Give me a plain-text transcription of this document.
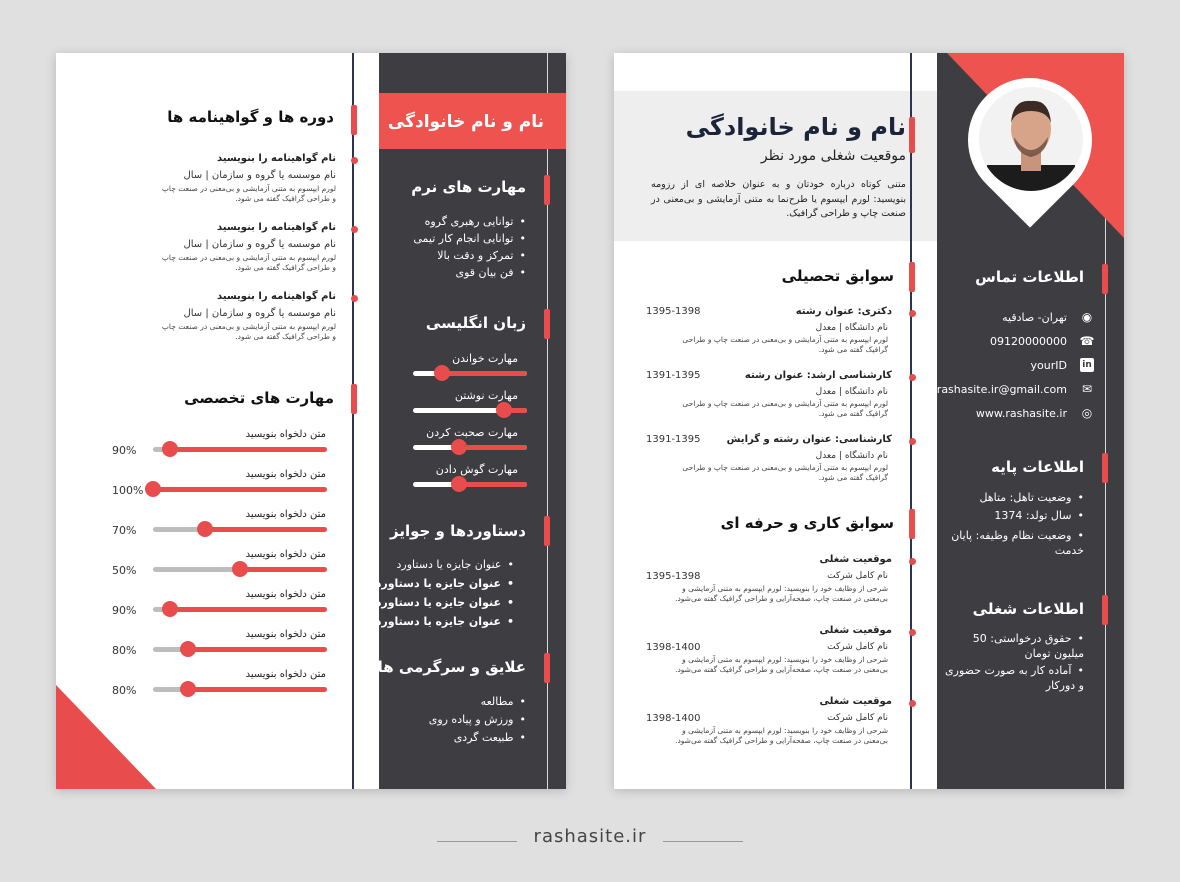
نام و نام خانوادگی
مهارت های نرم
• توانایی رهبری گروه
• توانایی انجام کار تیمی
• تمرکز و دقت بالا
• فن بیان قوی
زبان انگلیسی
مهارت خواندن
مهارت نوشتن
مهارت صحبت کردن
مهارت گوش دادن
دستاوردها و جوایز
• عنوان جایزه یا دستاورد
• عنوان جایزه یا دستاورد
• عنوان جایزه یا دستاورد
• عنوان جایزه یا دستاورد
علایق و سرگرمی ها
• مطالعه
• ورزش و پیاده روی
• طبیعت گردی
دوره ها و گواهینامه ها
نام گواهینامه را بنویسید
نام موسسه یا گروه و سازمان | سال
لورم ایپسوم به متنی آزمایشی و بی‌معنی در صنعت چاپ و طراحی گرافیک گفته می شود.
نام گواهینامه را بنویسید
نام موسسه یا گروه و سازمان | سال
لورم ایپسوم به متنی آزمایشی و بی‌معنی در صنعت چاپ و طراحی گرافیک گفته می شود.
نام گواهینامه را بنویسید
نام موسسه یا گروه و سازمان | سال
لورم ایپسوم به متنی آزمایشی و بی‌معنی در صنعت چاپ و طراحی گرافیک گفته می شود.
مهارت های تخصصی
متن دلخواه بنویسید
90%
متن دلخواه بنویسید
100%
متن دلخواه بنویسید
70%
متن دلخواه بنویسید
50%
متن دلخواه بنویسید
90%
متن دلخواه بنویسید
80%
متن دلخواه بنویسید
80%
نام و نام خانوادگی
موقعیت شغلی مورد نظر
متنی کوتاه درباره خودتان و به عنوان خلاصه ای از رزومه بنویسید: لورم ایپسوم یا طرح‌نما به متنی آزمایشی و بی‌معنی در صنعت چاپ و طراحی گرافیک.
اطلاعات تماس
تهران- صادقیه ◉
09120000000 ☎
yourID in
rashasite.ir@gmail.com ✉
www.rashasite.ir ◎
اطلاعات پایه
• وضعیت تاهل: متاهل
• سال تولد: 1374
• وضعیت نظام وظیفه: پایان خدمت
اطلاعات شغلی
• حقوق درخواستی: 50 میلیون تومان
• آماده کار به صورت حضوری و دورکار
سوابق تحصیلی
دکتری: عنوان رشته
1395-1398
نام دانشگاه | معدل
لورم ایپسوم به متنی آزمایشی و بی‌معنی در صنعت چاپ و طراحی گرافیک گفته می شود.
کارشناسی ارشد: عنوان رشته
1391-1395
نام دانشگاه | معدل
لورم ایپسوم به متنی آزمایشی و بی‌معنی در صنعت چاپ و طراحی گرافیک گفته می شود.
کارشناسی: عنوان رشته و گرایش
1391-1395
نام دانشگاه | معدل
لورم ایپسوم به متنی آزمایشی و بی‌معنی در صنعت چاپ و طراحی گرافیک گفته می شود.
سوابق کاری و حرفه ای
موقعیت شغلی
نام کامل شرکت
1395-1398
شرحی از وظایف خود را بنویسید: لورم ایپسوم به متنی آزمایشی و بی‌معنی در صنعت چاپ، صفحه‌آرایی و طراحی گرافیک گفته می‌شود.
موقعیت شغلی
نام کامل شرکت
1398-1400
شرحی از وظایف خود را بنویسید: لورم ایپسوم به متنی آزمایشی و بی‌معنی در صنعت چاپ، صفحه‌آرایی و طراحی گرافیک گفته می‌شود.
موقعیت شغلی
نام کامل شرکت
1398-1400
شرحی از وظایف خود را بنویسید: لورم ایپسوم به متنی آزمایشی و بی‌معنی در صنعت چاپ، صفحه‌آرایی و طراحی گرافیک گفته می‌شود.
rashasite.ir
